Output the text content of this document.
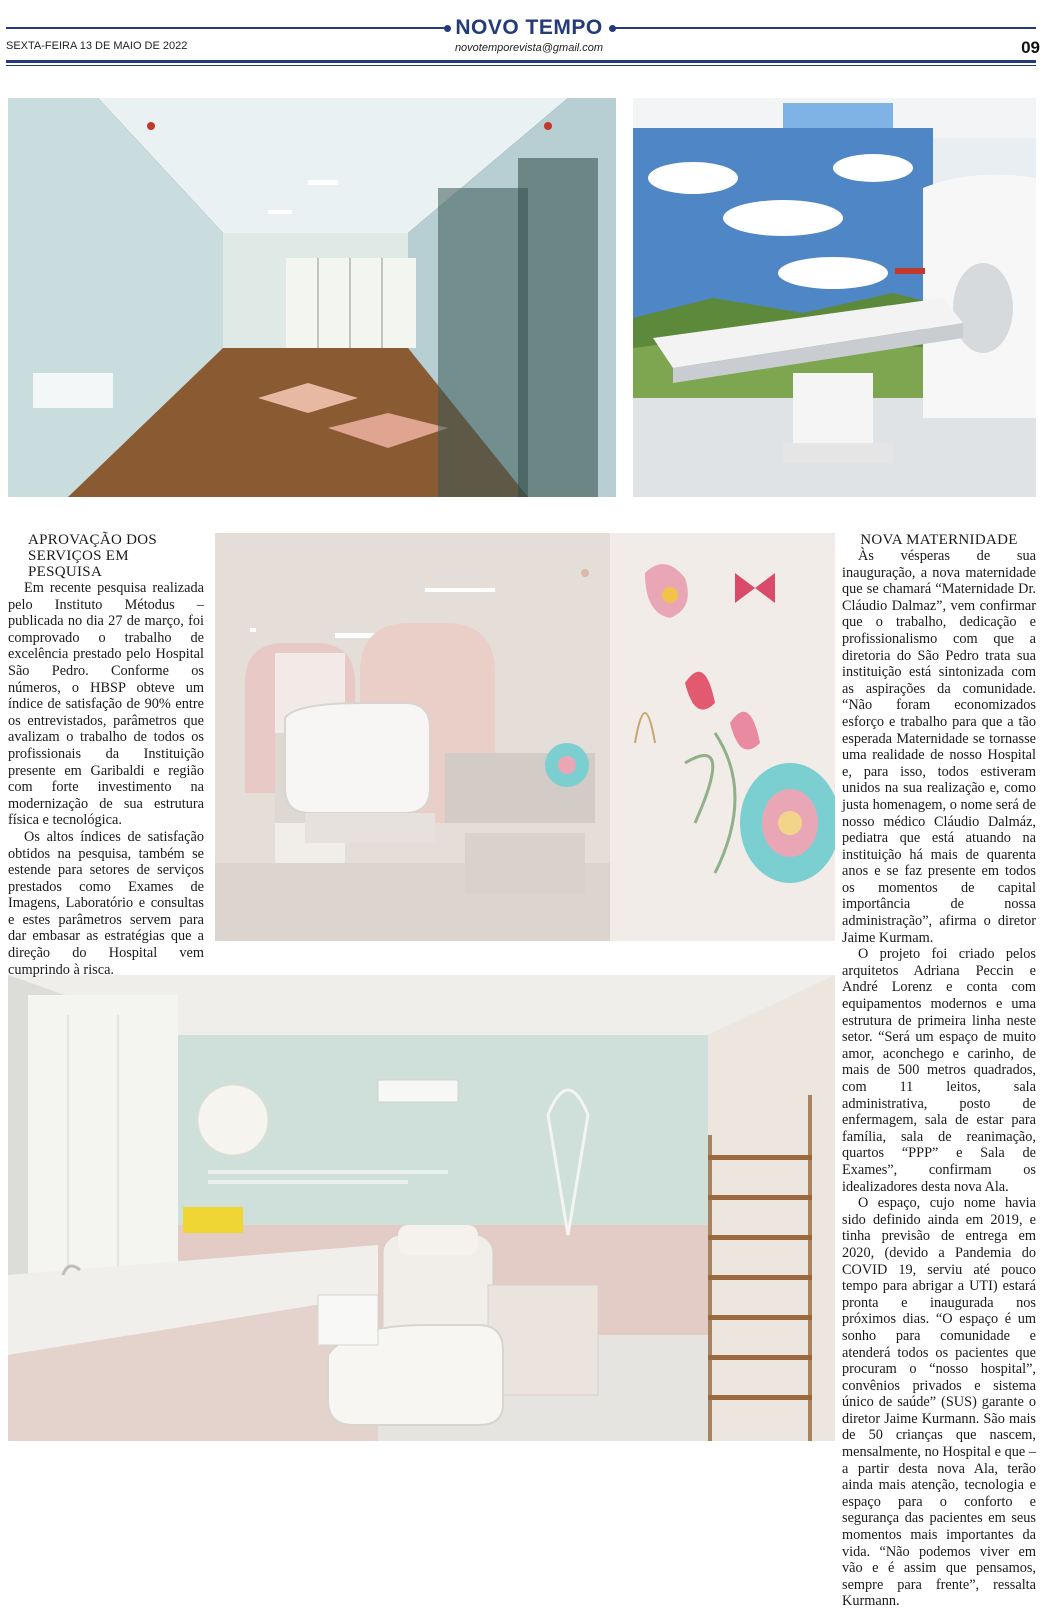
NOVO TEMPO
SEXTA-FEIRA 13 DE MAIO DE 2022	novotemporevista@gmail.com	09
APROVAÇÃO DOS
SERVIÇOS EM
PESQUISA

Em recente pesquisa realizada pelo Instituto Métodus – publicada no dia 27 de março, foi comprovado o trabalho de excelência prestado pelo Hospital São Pedro. Conforme os números, o HBSP obteve um índice de satisfação de 90% entre os entrevistados, parâmetros que avalizam o trabalho de todos os profissionais da Instituição presente em Garibaldi e região com forte investimento na modernização de sua estrutura física e tecnológica.

Os altos índices de satisfação obtidos na pesquisa, também se estende para setores de serviços prestados como Exames de Imagens, Laboratório e consultas e estes parâmetros servem para dar embasar as estratégias que a direção do Hospital vem cumprindo à risca.

NOVA MATERNIDADE

Às vésperas de sua inauguração, a nova maternidade que se chamará “Maternidade Dr. Cláudio Dalmaz”, vem confirmar que o trabalho, dedicação e profissionalismo com que a diretoria do São Pedro trata sua instituição está sintonizada com as aspirações da comunidade. “Não foram economizados esforço e trabalho para que a tão esperada Maternidade se tornasse uma realidade de nosso Hospital e, para isso, todos estiveram unidos na sua realização e, como justa homenagem, o nome será de nosso médico Cláudio Dalmáz, pediatra que está atuando na instituição há mais de quarenta anos e se faz presente em todos os momentos de capital importância de nossa administração”, afirma o diretor Jaime Kurmam.

O projeto foi criado pelos arquitetos Adriana Peccin e André Lorenz e conta com equipamentos modernos e uma estrutura de primeira linha neste setor. “Será um espaço de muito amor, aconchego e carinho, de mais de 500 metros quadrados, com 11 leitos, sala administrativa, posto de enfermagem, sala de estar para família, sala de reanimação, quartos “PPP” e Sala de Exames”, confirmam os idealizadores desta nova Ala.

O espaço, cujo nome havia sido definido ainda em 2019, e tinha previsão de entrega em 2020, (devido a Pandemia do COVID 19, serviu até pouco tempo para abrigar a UTI) estará pronta e inaugurada nos próximos dias. “O espaço é um sonho para comunidade e atenderá todos os pacientes que procuram o “nosso hospital”, convênios privados e sistema único de saúde” (SUS) garante o diretor Jaime Kurmann. São mais de 50 crianças que nascem, mensalmente, no Hospital e que – a partir desta nova Ala, terão ainda mais atenção, tecnologia e espaço para o conforto e segurança das pacientes em seus momentos mais importantes da vida. “Não podemos viver em vão e é assim que pensamos, sempre para frente”, ressalta Kurmann.
